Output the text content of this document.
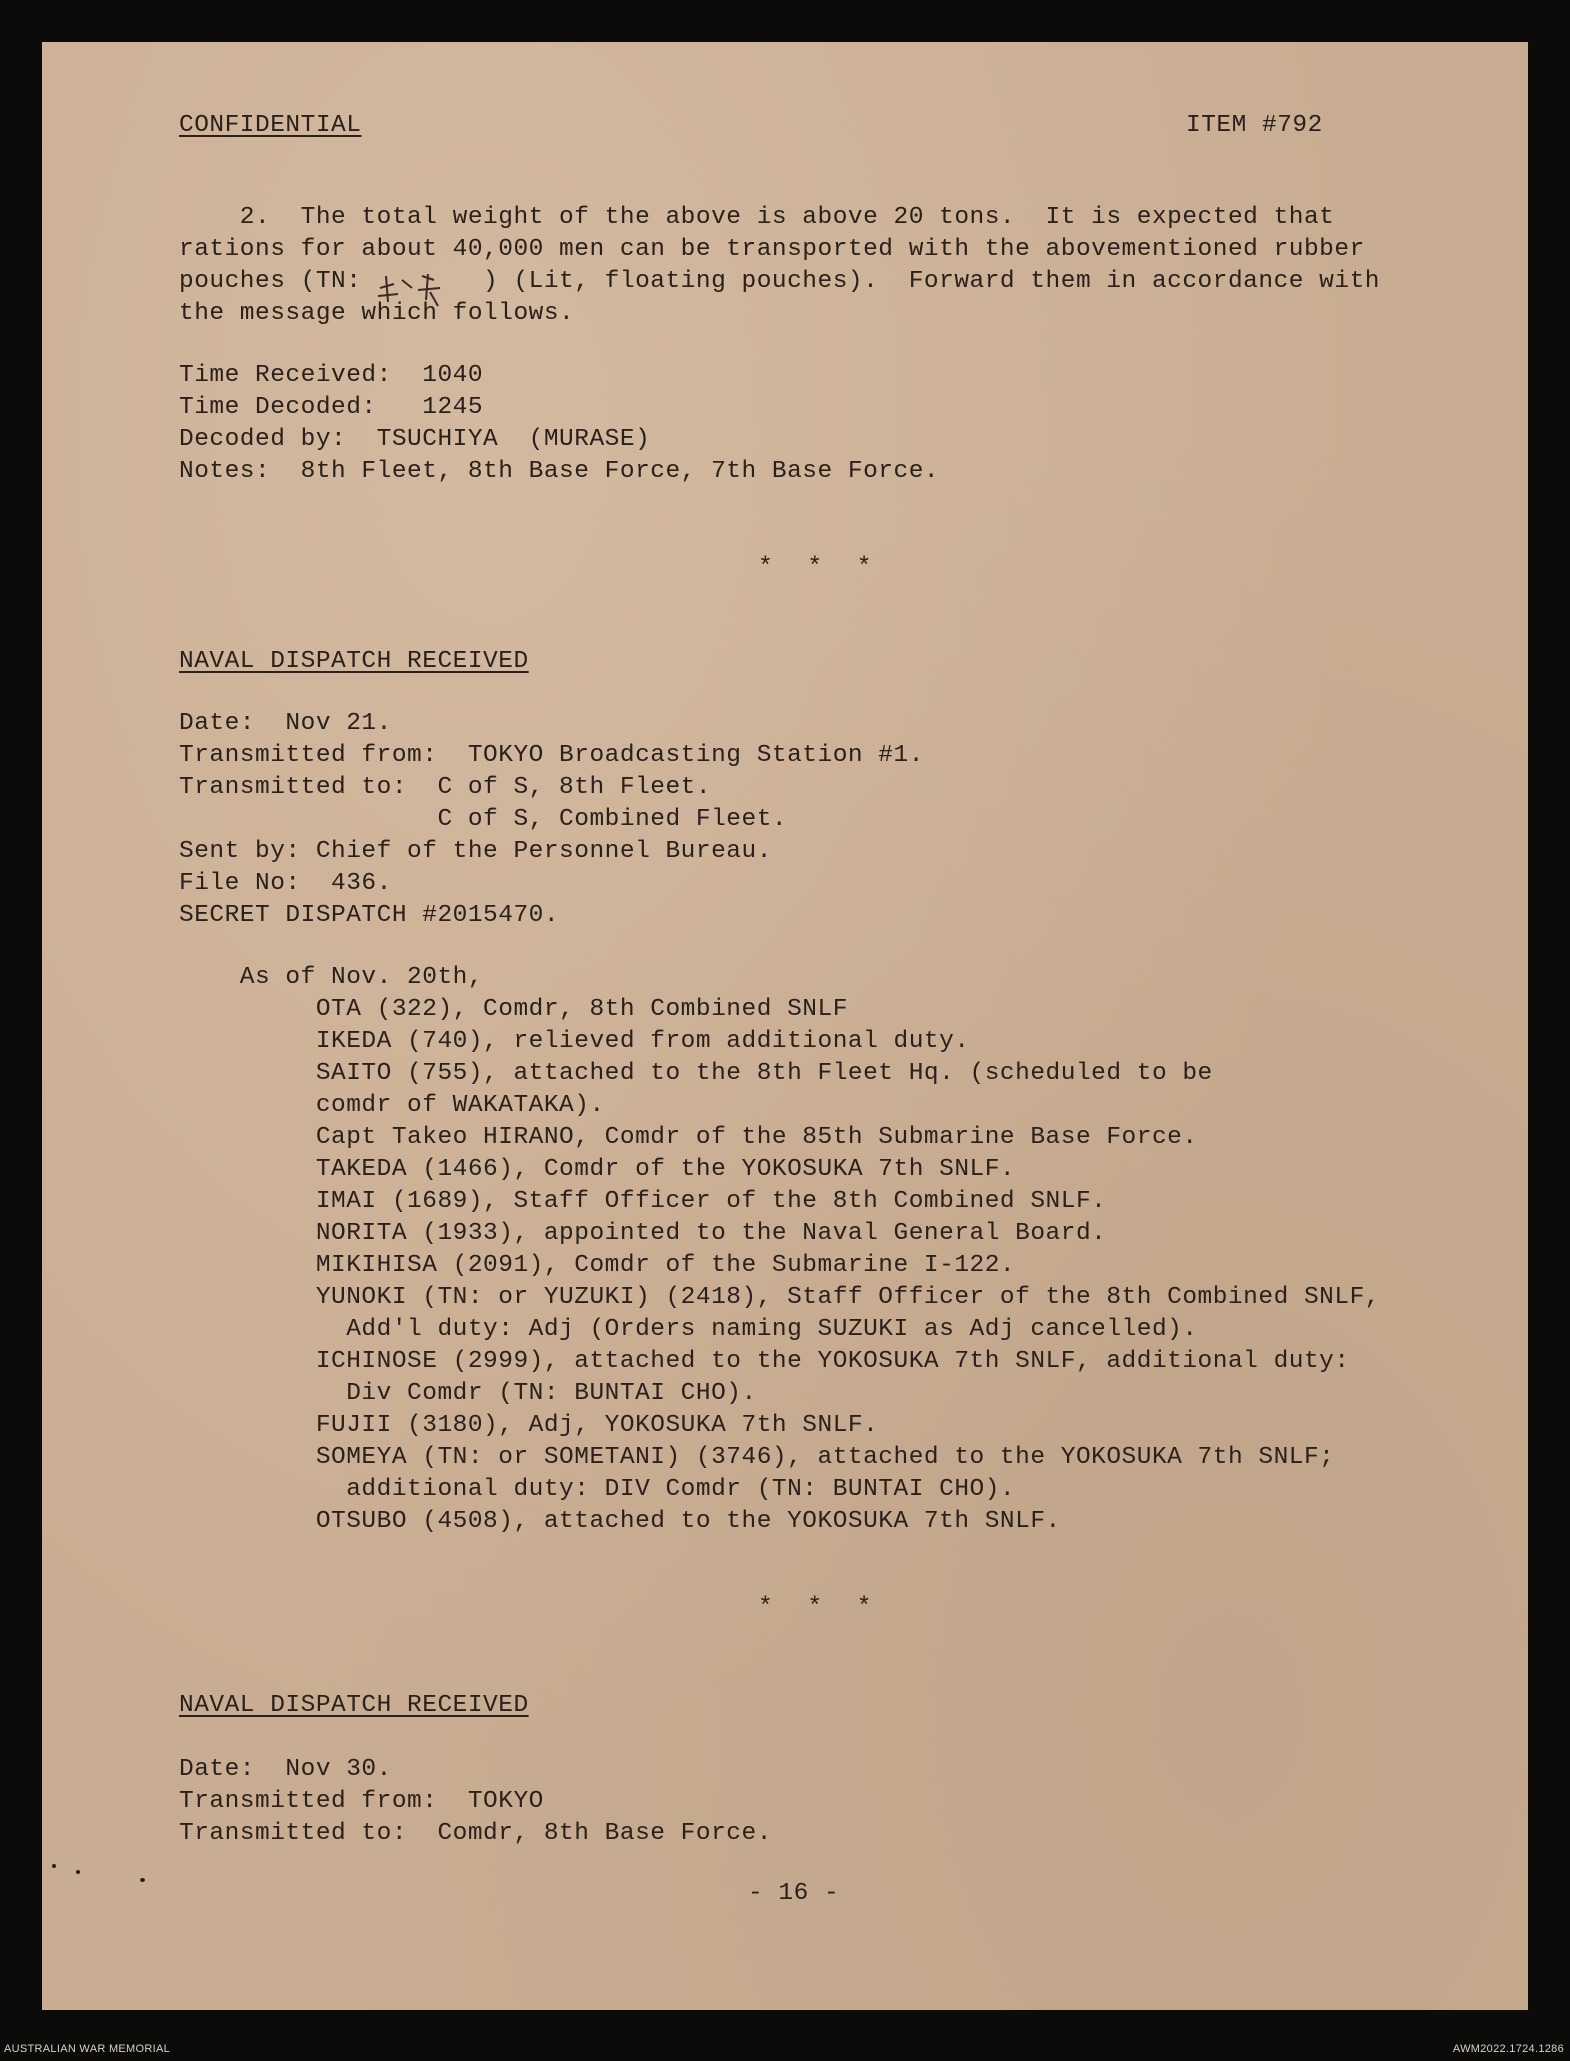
CONFIDENTIAL	ITEM #792
2.  The total weight of the above is above 20 tons.  It is expected that
rations for about 40,000 men can be transported with the abovementioned rubber
pouches (TN:        ) (Lit, floating pouches).  Forward them in accordance with
the message which follows.
Time Received:  1040
Time Decoded:   1245
Decoded by:  TSUCHIYA  (MURASE)
Notes:  8th Fleet, 8th Base Force, 7th Base Force.
* * *
NAVAL DISPATCH RECEIVED
Date:  Nov 21.
Transmitted from:  TOKYO Broadcasting Station #1.
Transmitted to:  C of S, 8th Fleet.
C of S, Combined Fleet.
Sent by: Chief of the Personnel Bureau.
File No:  436.
SECRET DISPATCH #2015470.
As of Nov. 20th,
OTA (322), Comdr, 8th Combined SNLF
IKEDA (740), relieved from additional duty.
SAITO (755), attached to the 8th Fleet Hq. (scheduled to be
comdr of WAKATAKA).
Capt Takeo HIRANO, Comdr of the 85th Submarine Base Force.
TAKEDA (1466), Comdr of the YOKOSUKA 7th SNLF.
IMAI (1689), Staff Officer of the 8th Combined SNLF.
NORITA (1933), appointed to the Naval General Board.
MIKIHISA (2091), Comdr of the Submarine I-122.
YUNOKI (TN: or YUZUKI) (2418), Staff Officer of the 8th Combined SNLF,
Add'l duty: Adj (Orders naming SUZUKI as Adj cancelled).
ICHINOSE (2999), attached to the YOKOSUKA 7th SNLF, additional duty:
Div Comdr (TN: BUNTAI CHO).
FUJII (3180), Adj, YOKOSUKA 7th SNLF.
SOMEYA (TN: or SOMETANI) (3746), attached to the YOKOSUKA 7th SNLF;
additional duty: DIV Comdr (TN: BUNTAI CHO).
OTSUBO (4508), attached to the YOKOSUKA 7th SNLF.
* * *
NAVAL DISPATCH RECEIVED
Date:  Nov 30.
Transmitted from:  TOKYO
Transmitted to:  Comdr, 8th Base Force.
- 16 -
AUSTRALIAN WAR MEMORIAL	AWM2022.1724.1286
